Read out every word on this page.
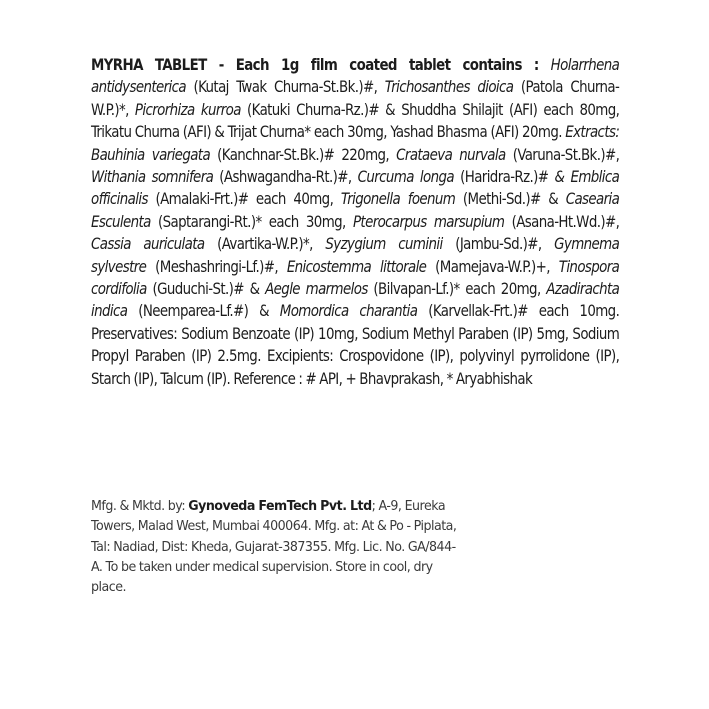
MYRHA TABLET - Each 1g film coated tablet contains : Holarrhena antidysenterica (Kutaj Twak Churna-St.Bk.)#, Trichosanthes dioica (Patola Churna-W.P.)*, Picrorhiza kurroa (Katuki Churna-Rz.)# & Shuddha Shilajit (AFI) each 80mg, Trikatu Churna (AFI) & Trijat Churna* each 30mg, Yashad Bhasma (AFI) 20mg. Extracts: Bauhinia variegata (Kanchnar-St.Bk.)# 220mg, Crataeva nurvala (Varuna-St.Bk.)#, Withania somnifera (Ashwagandha-Rt.)#, Curcuma longa (Haridra-Rz.)# & Emblica officinalis (Amalaki-Frt.)# each 40mg, Trigonella foenum (Methi-Sd.)# & Casearia Esculenta (Saptarangi-Rt.)* each 30mg, Pterocarpus marsupium (Asana-Ht.Wd.)#, Cassia auriculata (Avartika-W.P.)*, Syzygium cuminii (Jambu-Sd.)#, Gymnema sylvestre (Meshashringi-Lf.)#, Enicostemma littorale (Mamejava-W.P.)+, Tinospora cordifolia (Guduchi-St.)# & Aegle marmelos (Bilvapan-Lf.)* each 20mg, Azadirachta indica (Neemparea-Lf.#) & Momordica charantia (Karvellak-Frt.)# each 10mg. Preservatives: Sodium Benzoate (IP) 10mg, Sodium Methyl Paraben (IP) 5mg, Sodium Propyl Paraben (IP) 2.5mg. Excipients: Crospovidone (IP), polyvinyl pyrrolidone (IP), Starch (IP), Talcum (IP). Reference : # API, + Bhavprakash, * Aryabhishak
Mfg. & Mktd. by: Gynoveda FemTech Pvt. Ltd; A-9, Eureka Towers, Malad West, Mumbai 400064. Mfg. at: At & Po - Piplata, Tal: Nadiad, Dist: Kheda, Gujarat-387355. Mfg. Lic. No. GA/844-A. To be taken under medical supervision. Store in cool, dry place.
